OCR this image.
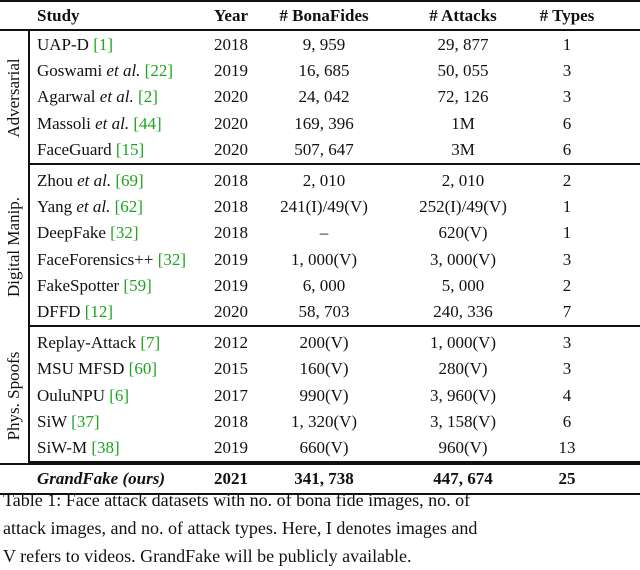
Study	Year	# BonaFides	# Attacks	# Types
UAP-D [1]	2018	9, 959	29, 877	1
Goswami et al. [22]	2019	16, 685	50, 055	3
Agarwal et al. [2]	2020	24, 042	72, 126	3
Massoli et al. [44]	2020	169, 396	1M	6
FaceGuard [15]	2020	507, 647	3M	6
Adversarial
Zhou et al. [69]	2018	2, 010	2, 010	2
Yang et al. [62]	2018	241(I)/49(V)	252(I)/49(V)	1
DeepFake [32]	2018	–	620(V)	1
FaceForensics++ [32]	2019	1, 000(V)	3, 000(V)	3
FakeSpotter [59]	2019	6, 000	5, 000	2
DFFD [12]	2020	58, 703	240, 336	7
Digital Manip.
Replay-Attack [7]	2012	200(V)	1, 000(V)	3
MSU MFSD [60]	2015	160(V)	280(V)	3
OuluNPU [6]	2017	990(V)	3, 960(V)	4
SiW [37]	2018	1, 320(V)	3, 158(V)	6
SiW-M [38]	2019	660(V)	960(V)	13
Phys. Spoofs
GrandFake (ours)	2021	341, 738	447, 674	25

Table 1: Face attack datasets with no. of bona fide images, no. of

attack images, and no. of attack types. Here, I denotes images and

V refers to videos. GrandFake will be publicly available.
